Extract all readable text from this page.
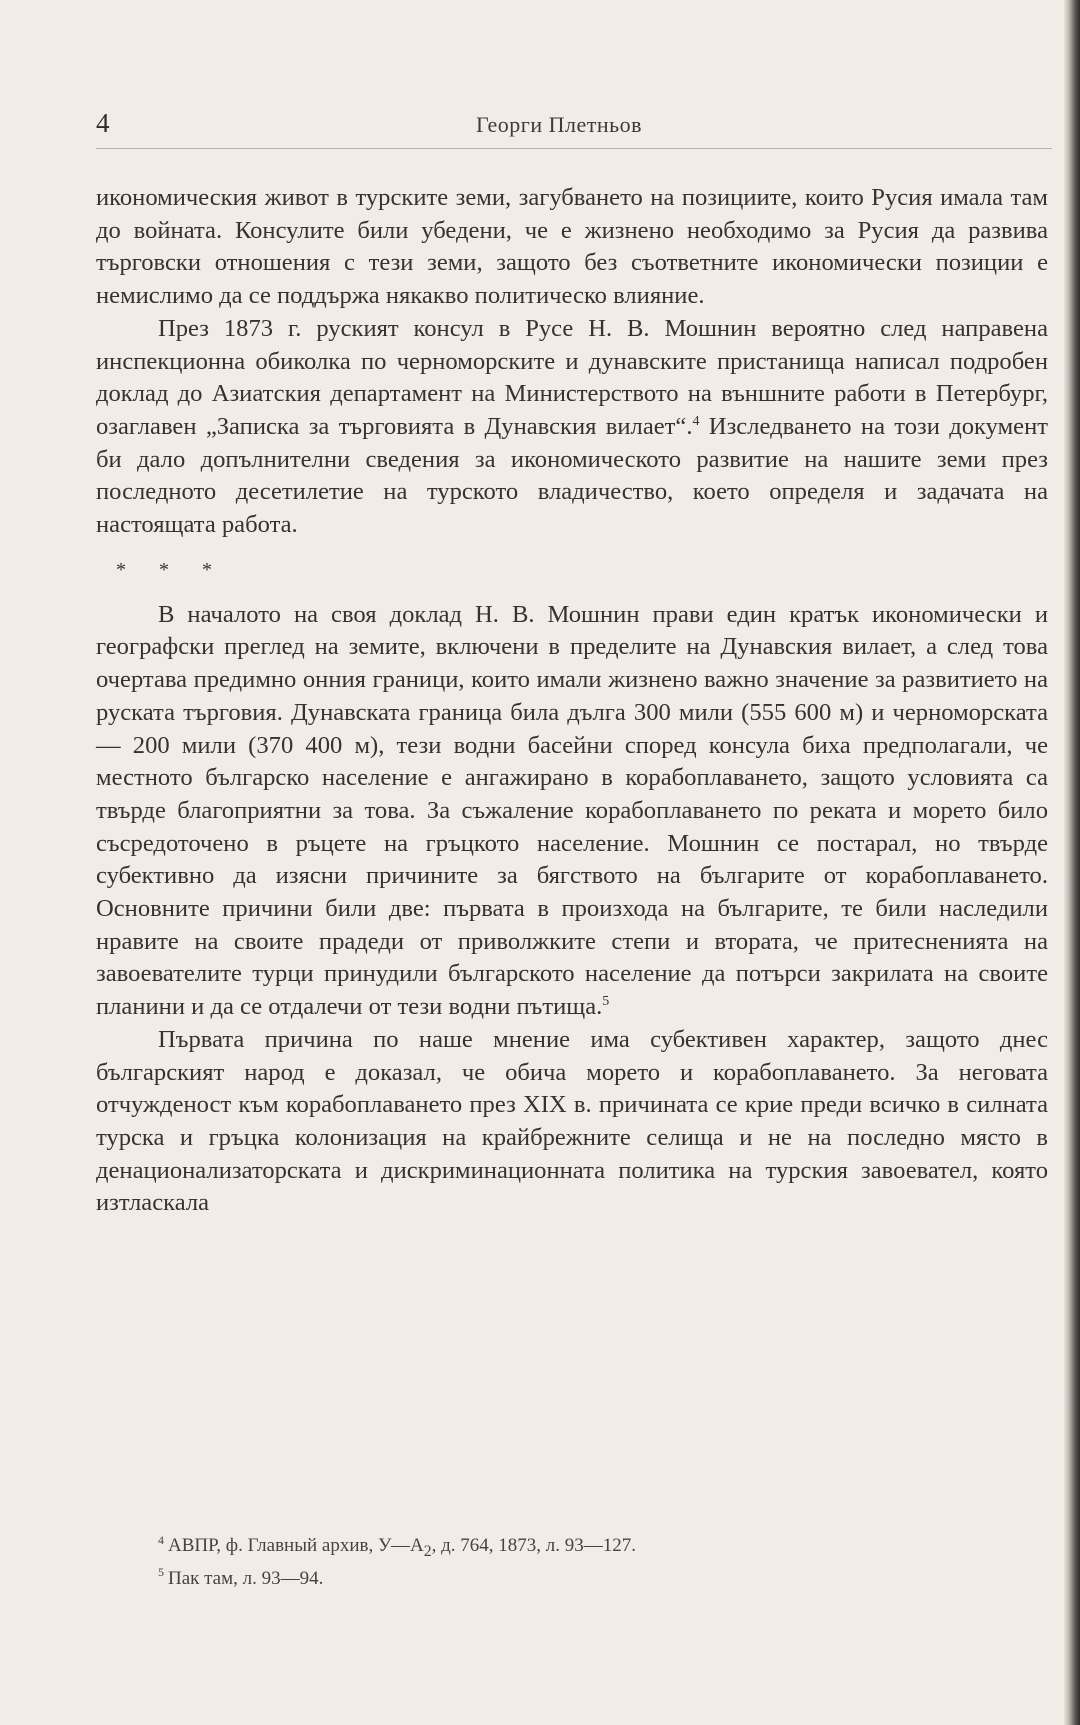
4	Георги Плетньов

икономическия живот в турските земи, загубването на позициите, които Русия имала там до войната. Консулите били убедени, че е жизнено необходимо за Русия да развива търговски отношения с тези земи, защото без съответните икономически позиции е немислимо да се поддържа някакво политическо влияние.

През 1873 г. руският консул в Русе Н. В. Мошнин вероятно след направена инспекционна обиколка по черноморските и дунавските пристанища написал подробен доклад до Азиатския департамент на Министерството на външните работи в Петербург, озаглавен „Записка за търговията в Дунавския вилает“.$^4$ Изследването на този документ би дало допълнителни сведения за икономическото развитие на нашите земи през последното десетилетие на турското владичество, което определя и задачата на настоящата работа.

* * *

В началото на своя доклад Н. В. Мошнин прави един кратък икономически и географски преглед на земите, включени в пределите на Дунавския вилает, а след това очертава предимно онния граници, които имали жизнено важно значение за развитието на руската търговия. Дунавската граница била дълга 300 мили (555 600 м) и черноморската — 200 мили (370 400 м), тези водни басейни според консула биха предполагали, че местното българско население е ангажирано в корабоплаването, защото условията са твърде благоприятни за това. За съжаление корабоплаването по реката и морето било съсредоточено в ръцете на гръцкото население. Мошнин се постарал, но твърде субективно да изясни причините за бягството на българите от корабоплаването. Основните причини били две: първата в произхода на българите, те били наследили нравите на своите прадеди от приволжките степи и втората, че притеснениятa на завоевателите турци принудили българското население да потърси закрилата на своите планини и да се отдалечи от тези водни пътища.$^5$

Първата причина по наше мнение има субективен характер, защото днес българският народ е доказал, че обича морето и корабоплаването. За неговата отчужденост към корабоплаването през XIX в. причината се крие преди всичко в силната турска и гръцка колонизация на крайбрежните селища и не на последно място в денационализаторската и дискриминационната политика на турския завоевател, която изтласкала

$^4$ АВПР, ф. Главный архив, $У—А_2$, д. 764, 1873, л. 93—127.
$^5$ Пак там, л. 93—94.
